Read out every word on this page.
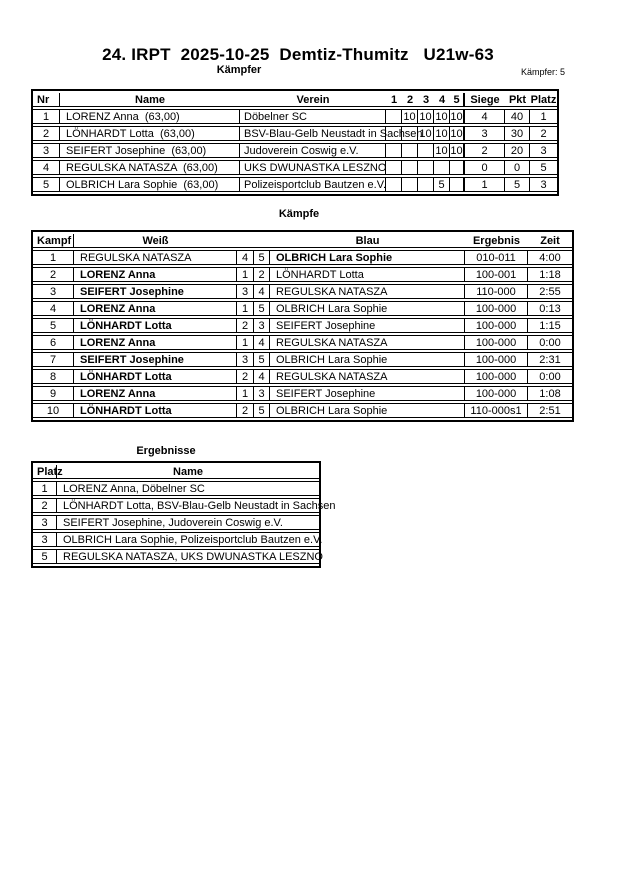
24. IRPT  2025-10-25  Demtiz-Thumitz   U21w-63
Kämpfer	Kämpfer: 5
Nr	Name	Verein	1	2	3	4	5	Siege	Pkt	Platz
1	LORENZ Anna  (63,00)	Döbelner SC		10	10	10	10	4	40	1
2	LÖNHARDT Lotta  (63,00)	BSV-Blau-Gelb Neustadt in Sachsen			10	10	10	3	30	2
3	SEIFERT Josephine  (63,00)	Judoverein Coswig e.V.				10	10	2	20	3
4	REGULSKA NATASZA  (63,00)	UKS DWUNASTKA LESZNO						0	0	5
5	OLBRICH Lara Sophie  (63,00)	Polizeisportclub Bautzen e.V.				5		1	5	3
Kämpfe
Kampf	Weiß			Blau	Ergebnis	Zeit
1	REGULSKA NATASZA	4	5	OLBRICH Lara Sophie	010-011	4:00
2	LORENZ Anna	1	2	LÖNHARDT Lotta	100-001	1:18
3	SEIFERT Josephine	3	4	REGULSKA NATASZA	110-000	2:55
4	LORENZ Anna	1	5	OLBRICH Lara Sophie	100-000	0:13
5	LÖNHARDT Lotta	2	3	SEIFERT Josephine	100-000	1:15
6	LORENZ Anna	1	4	REGULSKA NATASZA	100-000	0:00
7	SEIFERT Josephine	3	5	OLBRICH Lara Sophie	100-000	2:31
8	LÖNHARDT Lotta	2	4	REGULSKA NATASZA	100-000	0:00
9	LORENZ Anna	1	3	SEIFERT Josephine	100-000	1:08
10	LÖNHARDT Lotta	2	5	OLBRICH Lara Sophie	110-000s1	2:51
Ergebnisse
Platz	Name
1	LORENZ Anna, Döbelner SC
2	LÖNHARDT Lotta, BSV-Blau-Gelb Neustadt in Sachsen
3	SEIFERT Josephine, Judoverein Coswig e.V.
3	OLBRICH Lara Sophie, Polizeisportclub Bautzen e.V.
5	REGULSKA NATASZA, UKS DWUNASTKA LESZNO
